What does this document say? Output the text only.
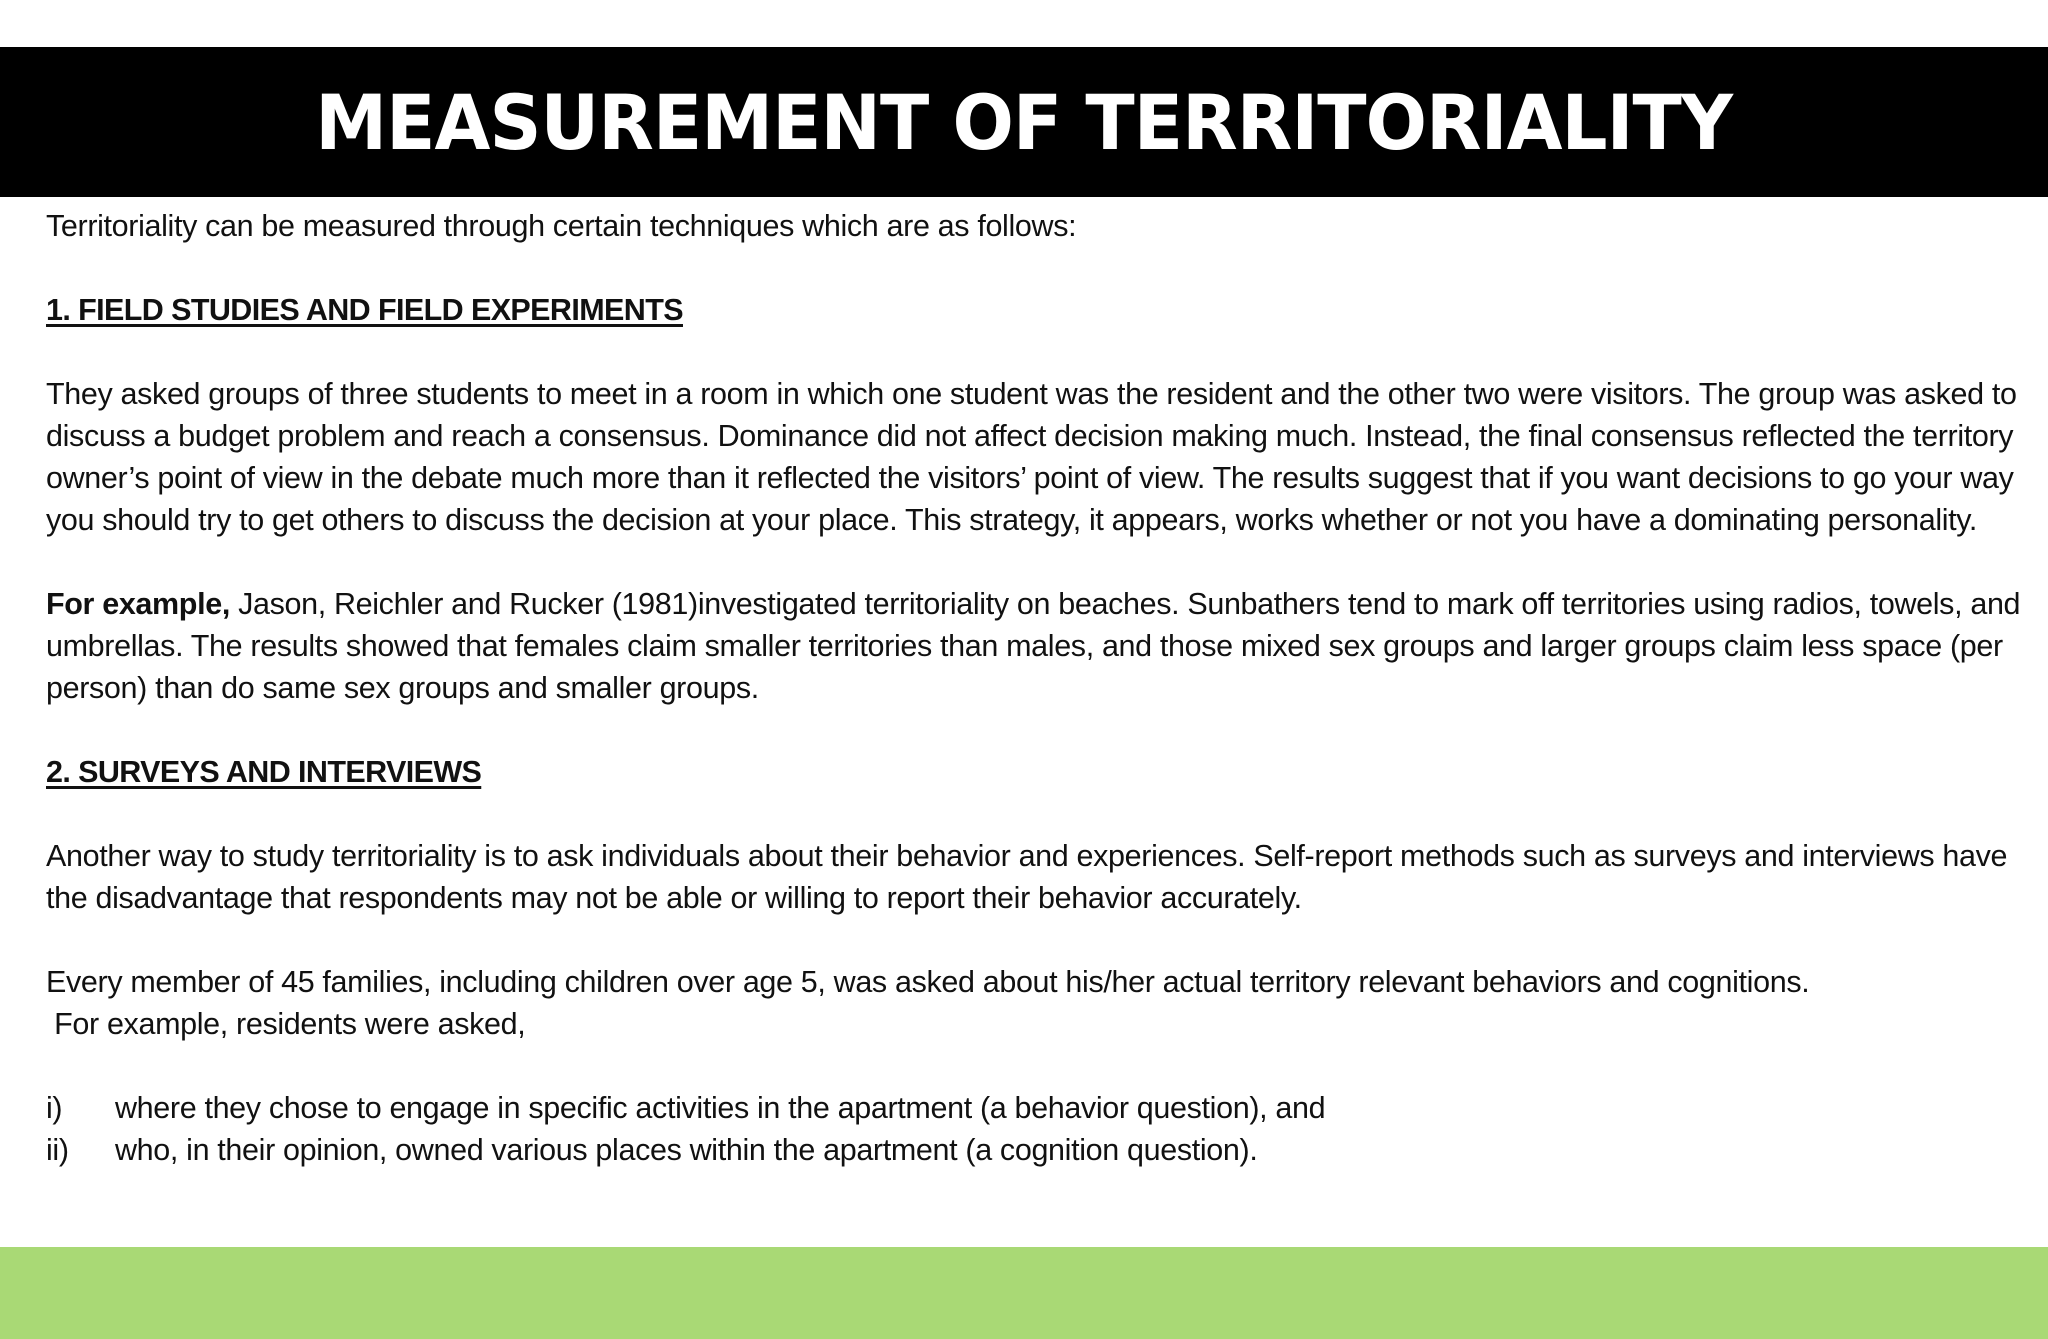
MEASUREMENT OF TERRITORIALITY

Territoriality can be measured through certain techniques which are as follows:

1. FIELD STUDIES AND FIELD EXPERIMENTS

They asked groups of three students to meet in a room in which one student was the resident and the other two were visitors. The group was asked to discuss a budget problem and reach a consensus. Dominance did not affect decision making much. Instead, the final consensus reflected the territory owner’s point of view in the debate much more than it reflected the visitors’ point of view. The results suggest that if you want decisions to go your way you should try to get others to discuss the decision at your place. This strategy, it appears, works whether or not you have a dominating personality.

For example, Jason, Reichler and Rucker (1981)investigated territoriality on beaches. Sunbathers tend to mark off territories using radios, towels, and umbrellas. The results showed that females claim smaller territories than males, and those mixed sex groups and larger groups claim less space (per person) than do same sex groups and smaller groups.

2. SURVEYS AND INTERVIEWS

Another way to study territoriality is to ask individuals about their behavior and experiences. Self-report methods such as surveys and interviews have the disadvantage that respondents may not be able or willing to report their behavior accurately.

Every member of 45 families, including children over age 5, was asked about his/her actual territory relevant behaviors and cognitions.

For example, residents were asked,

i)	where they chose to engage in specific activities in the apartment (a behavior question), and
ii)	who, in their opinion, owned various places within the apartment (a cognition question).
